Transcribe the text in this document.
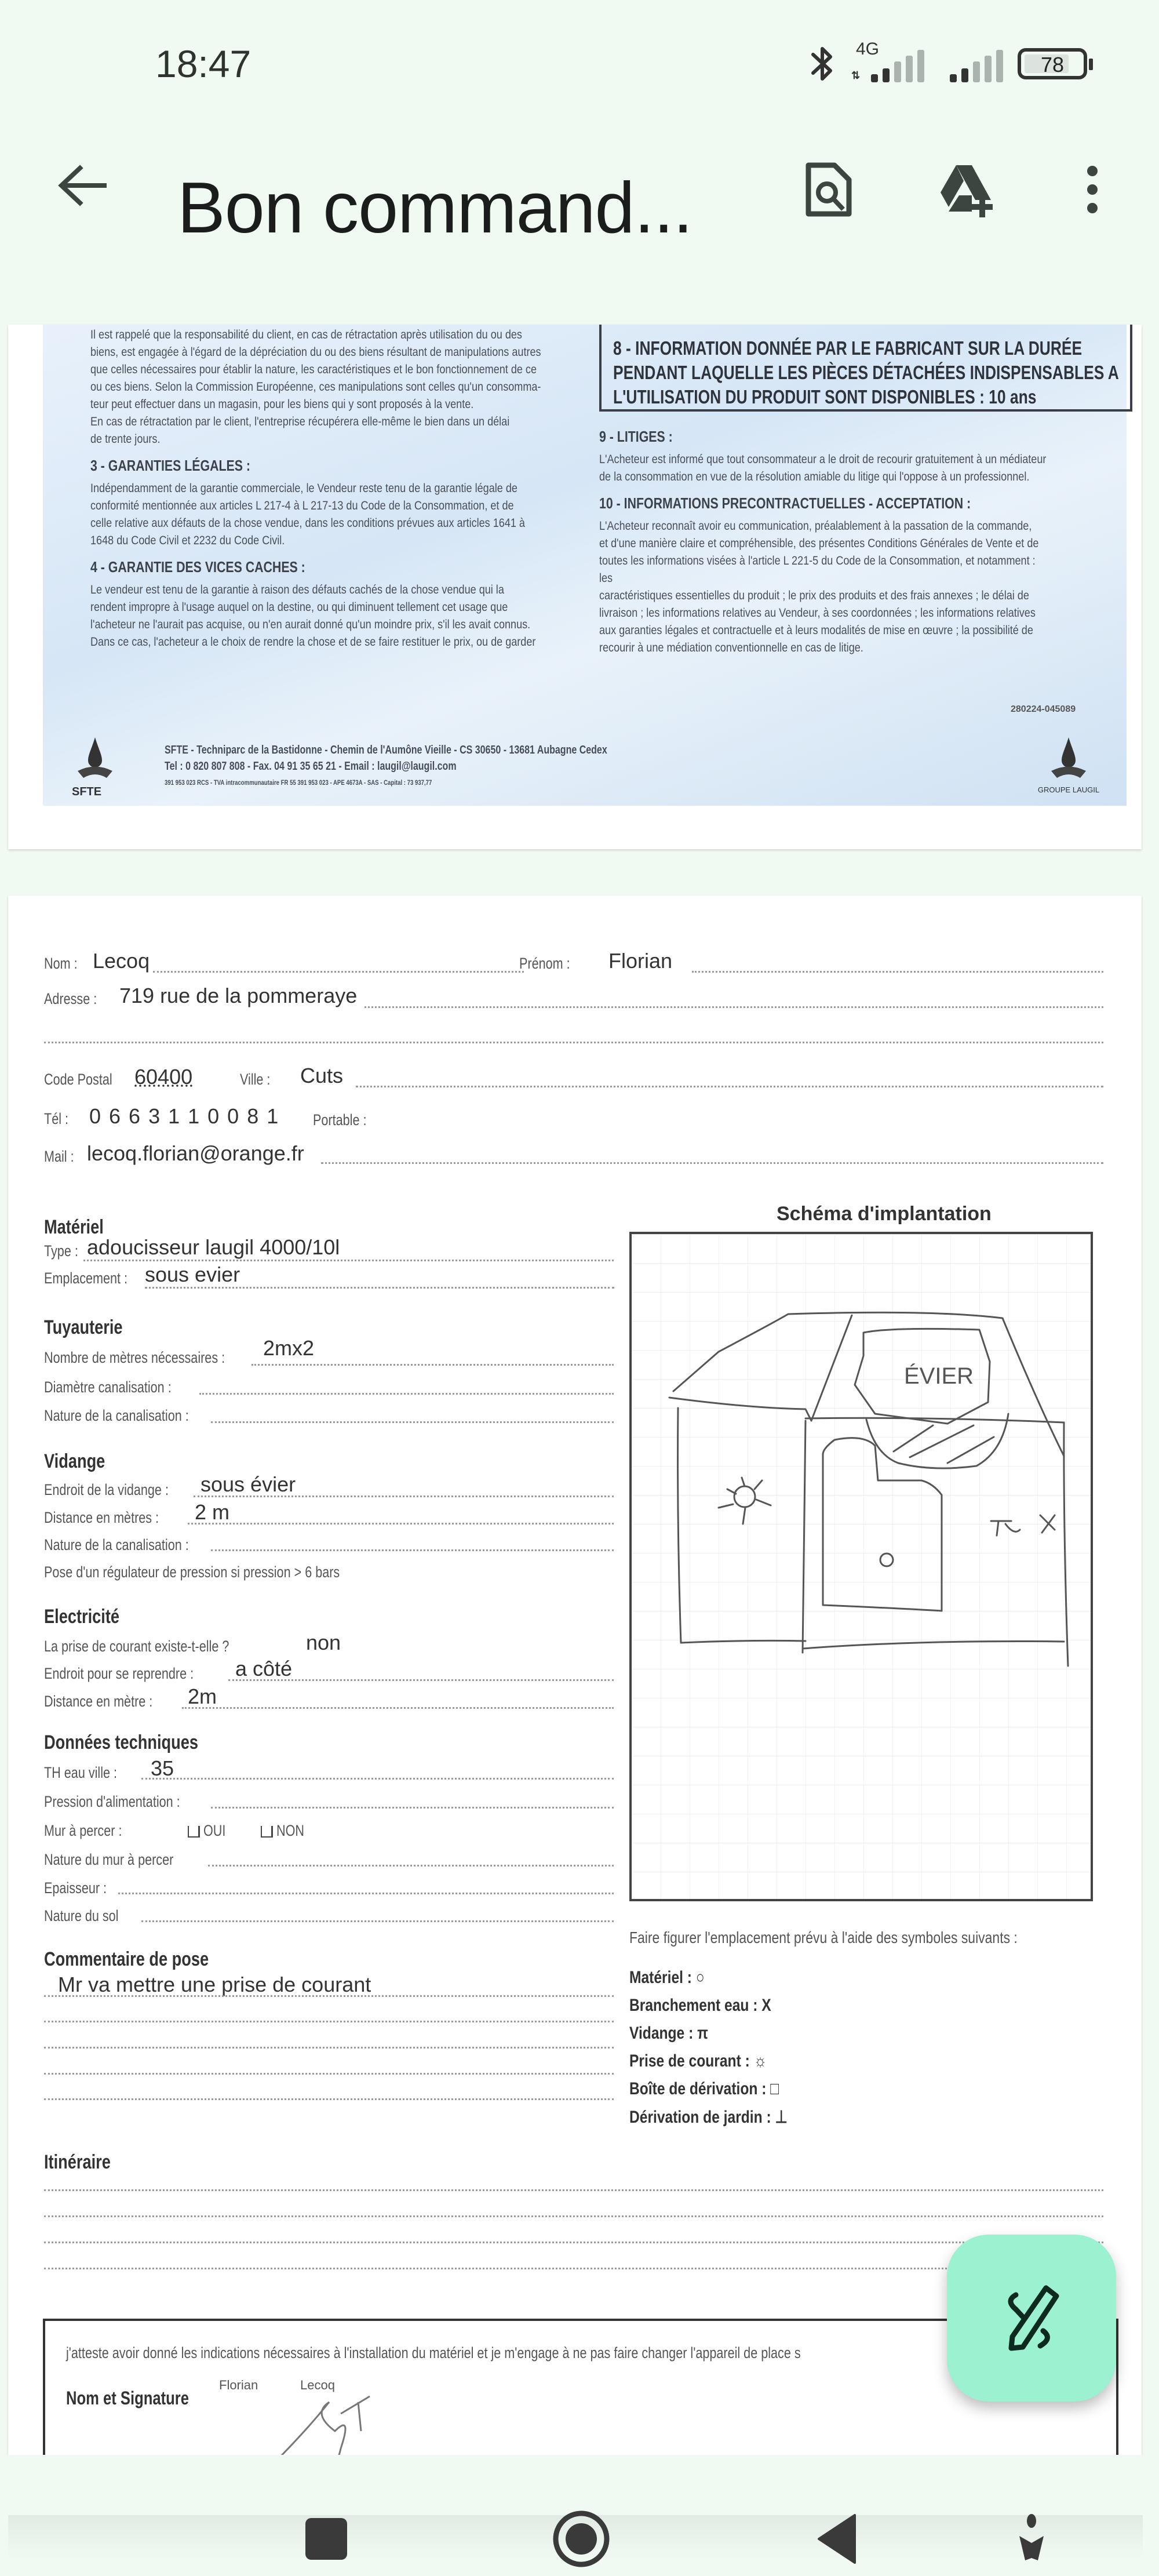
18:47	4G
⇅	78
Bon command...

Il est rappelé que la responsabilité du client, en cas de rétractation après utilisation du ou des

biens, est engagée à l'égard de la dépréciation du ou des biens résultant de manipulations autres

que celles nécessaires pour établir la nature, les caractéristiques et le bon fonctionnement de ce

ou ces biens. Selon la Commission Européenne, ces manipulations sont celles qu'un consomma-

teur peut effectuer dans un magasin, pour les biens qui y sont proposés à la vente.

En cas de rétractation par le client, l'entreprise récupérera elle-même le bien dans un délai

de trente jours.

3 - GARANTIES LÉGALES :

Indépendamment de la garantie commerciale, le Vendeur reste tenu de la garantie légale de

conformité mentionnée aux articles L 217-4 à L 217-13 du Code de la Consommation, et de

celle relative aux défauts de la chose vendue, dans les conditions prévues aux articles 1641 à

1648 du Code Civil et 2232 du Code Civil.

4 - GARANTIE DES VICES CACHES :

Le vendeur est tenu de la garantie à raison des défauts cachés de la chose vendue qui la

rendent impropre à l'usage auquel on la destine, ou qui diminuent tellement cet usage que

l'acheteur ne l'aurait pas acquise, ou n'en aurait donné qu'un moindre prix, s'il les avait connus.

Dans ce cas, l'acheteur a le choix de rendre la chose et de se faire restituer le prix, ou de garder

8 - INFORMATION DONNÉE PAR LE FABRICANT SUR LA DURÉE

PENDANT LAQUELLE LES PIÈCES DÉTACHÉES INDISPENSABLES A

L'UTILISATION DU PRODUIT SONT DISPONIBLES : 10 ans

9 - LITIGES :

L'Acheteur est informé que tout consommateur a le droit de recourir gratuitement à un médiateur

de la consommation en vue de la résolution amiable du litige qui l'oppose à un professionnel.

10 - INFORMATIONS PRECONTRACTUELLES - ACCEPTATION :

L'Acheteur reconnaît avoir eu communication, préalablement à la passation de la commande,

et d'une manière claire et compréhensible, des présentes Conditions Générales de Vente et de

toutes les informations visées à l'article L 221-5 du Code de la Consommation, et notamment : les

caractéristiques essentielles du produit ; le prix des produits et des frais annexes ; le délai de

livraison ; les informations relatives au Vendeur, à ses coordonnées ; les informations relatives

aux garanties légales et contractuelle et à leurs modalités de mise en œuvre ; la possibilité de

recourir à une médiation conventionnelle en cas de litige.

280224-045089
SFTE
SFTE - Techniparc de la Bastidonne - Chemin de l'Aumône Vieille - CS 30650 - 13681 Aubagne Cedex
Tel : 0 820 807 808 - Fax. 04 91 35 65 21 - Email : laugil@laugil.com
391 953 023 RCS - TVA intracommunautaire FR 55 391 953 023 - APE 4673A - SAS - Capital : 73 937,77
GROUPE LAUGIL
Nom : Lecoq	Prénom :	Florian
Adresse :	719 rue de la pommeraye
Code Postal	60400	Ville :	Cuts
Tél : 0 6 6 3 1 1 0 0 8 1 Portable :
Mail : lecoq.florian@orange.fr
Matériel
Type : adoucisseur laugil 4000/10l
Emplacement : sous evier
Tuyauterie
Nombre de mètres nécessaires :	2mx2
Diamètre canalisation :
Nature de la canalisation :
Vidange
Endroit de la vidange :	sous évier
Distance en mètres :	2 m
Nature de la canalisation :
Pose d'un régulateur de pression si pression > 6 bars
Electricité
La prise de courant existe-t-elle ?	non
Endroit pour se reprendre :	a côté
Distance en mètre :	2m
Données techniques
TH eau ville :	35
Pression d'alimentation :
Mur à percer :	OUI	NON
Nature du mur à percer
Epaisseur :
Nature du sol
Commentaire de pose
Mr va mettre une prise de courant
Schéma d'implantation
ÉVIER
Faire figurer l'emplacement prévu à l'aide des symboles suivants :
Matériel : ○
Branchement eau : X
Vidange : π
Prise de courant : ☼
Boîte de dérivation : □
Dérivation de jardin : ⊥
Itinéraire
j'atteste avoir donné les indications nécessaires à l'installation du matériel et je m'engage à ne pas faire changer l'appareil de place s
Nom et Signature
Florian	Lecoq
